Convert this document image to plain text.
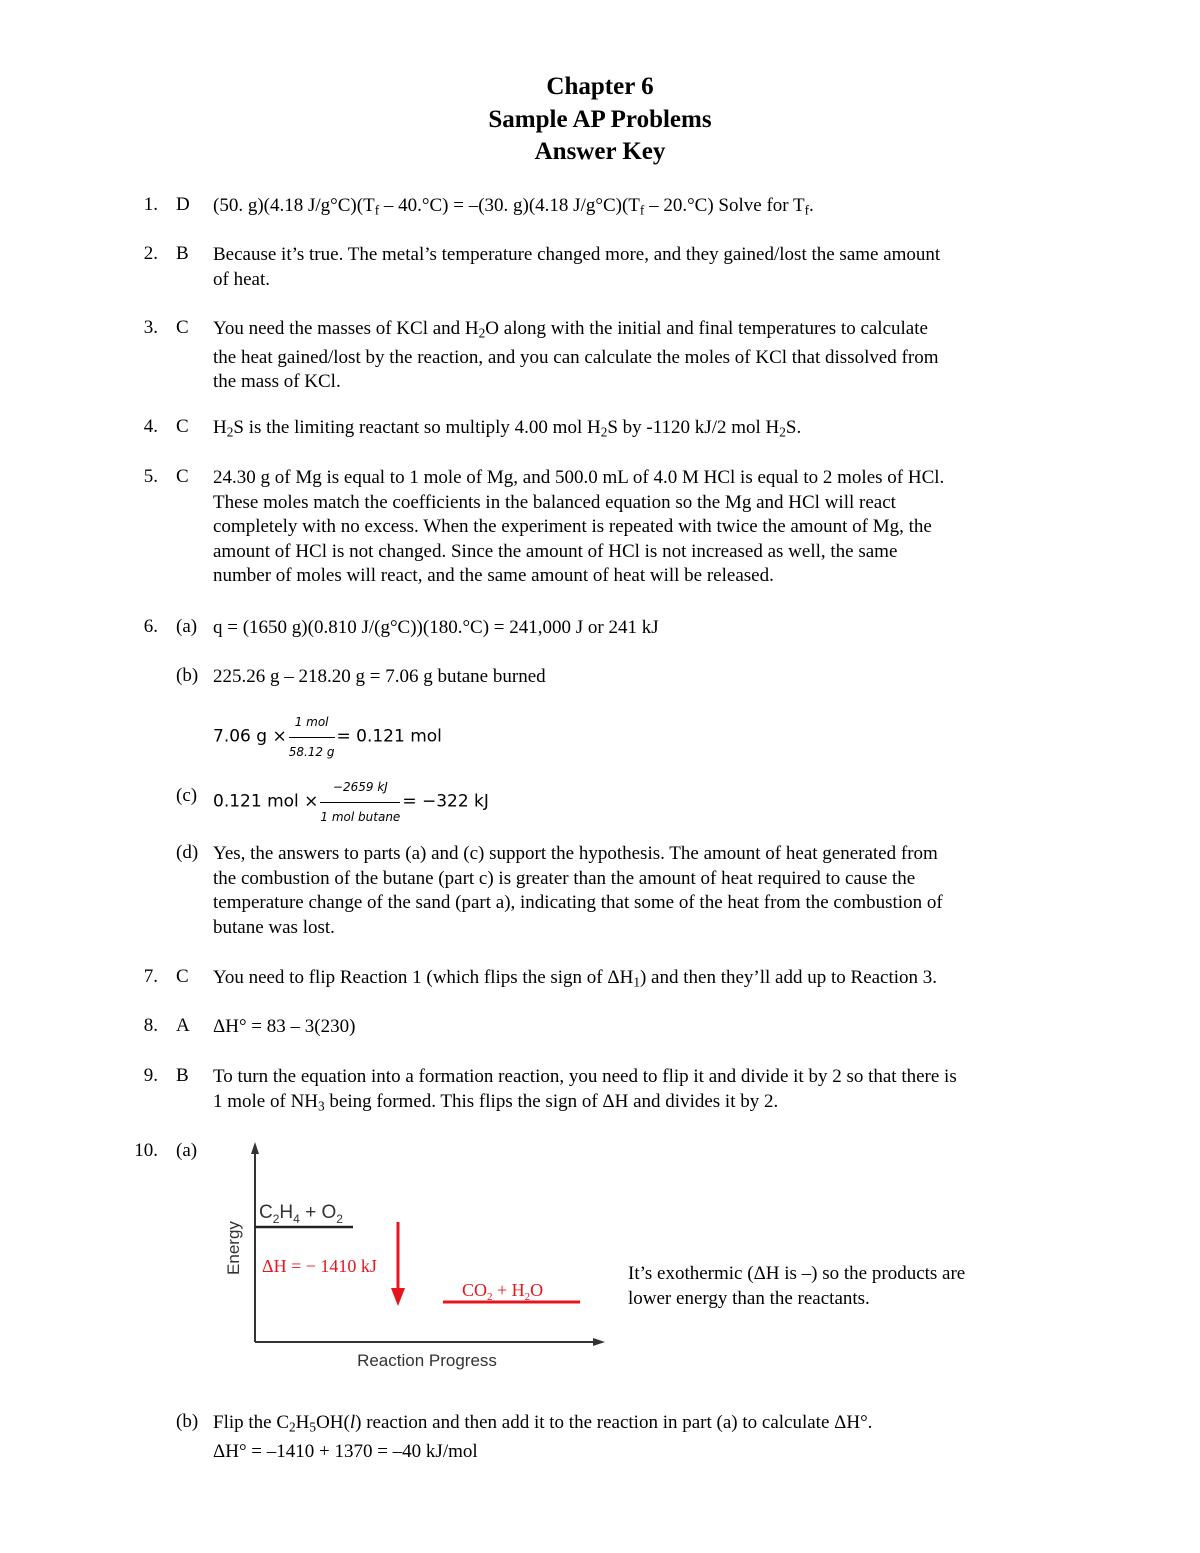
Chapter 6
Sample AP Problems
Answer Key
1. D (50. g)(4.18 $J/g^\circ C)(T_f - 40.^\circ C) = -(30$. g)(4.18 $J/g^\circ C)(T_f - 20.^\circ C)$ Solve for $T_f$.
2. B Because it’s true. The metal’s temperature changed more, and they gained/lost the same amount
of heat.
3. C You need the masses of KCl and $H_2O$ along with the initial and final temperatures to calculate
the heat gained/lost by the reaction, and you can calculate the moles of KCl that dissolved from
the mass of KCl.
4. C $H_2S$ is the limiting reactant so multiply 4.00 mol $H_2S$ by -1120 kJ/2 mol $H_2S$.
5. C 24.30 g of Mg is equal to 1 mole of Mg, and 500.0 mL of 4.0 M HCl is equal to 2 moles of HCl.
These moles match the coefficients in the balanced equation so the Mg and HCl will react
completely with no excess. When the experiment is repeated with twice the amount of Mg, the
amount of HCl is not changed. Since the amount of HCl is not increased as well, the same
number of moles will react, and the same amount of heat will be released.
6. (a) q = (1650 g)(0.810 J/(g°C))(180.°C) = 241,000 J or 241 kJ
(b) 225.26 g – 218.20 g = 7.06 g butane burned
7.06 $g \times \frac{\text{1 mol}}{58.12 g} = 0.121$ mol
(c) 0.121 mol × $\frac{-2659 kJ}{\text{1 mol butane}} = -322$ kJ
(d) Yes, the answers to parts (a) and (c) support the hypothesis. The amount of heat generated from
the combustion of the butane (part c) is greater than the amount of heat required to cause the
temperature change of the sand (part a), indicating that some of the heat from the combustion of
butane was lost.
7. C You need to flip Reaction 1 (which flips the sign of $\Delta H_1$) and then they’ll add up to Reaction 3.
8. A ΔH° = 83 – 3(230)
9. B To turn the equation into a formation reaction, you need to flip it and divide it by 2 so that there is
1 mole of $NH_3$ being formed. This flips the sign of ΔH and divides it by 2.
10. (a)
Energy
Reaction Progress
$C_2H_4 + O_2$
ΔH = − 1410 kJ
$CO_2 + H_2O$
It’s exothermic (ΔH is –) so the products are
lower energy than the reactants.
(b) Flip the $C_2H_5OH(l)$ reaction and then add it to the reaction in part (a) to calculate ΔH°.
ΔH° = –1410 + 1370 = –40 kJ/mol
